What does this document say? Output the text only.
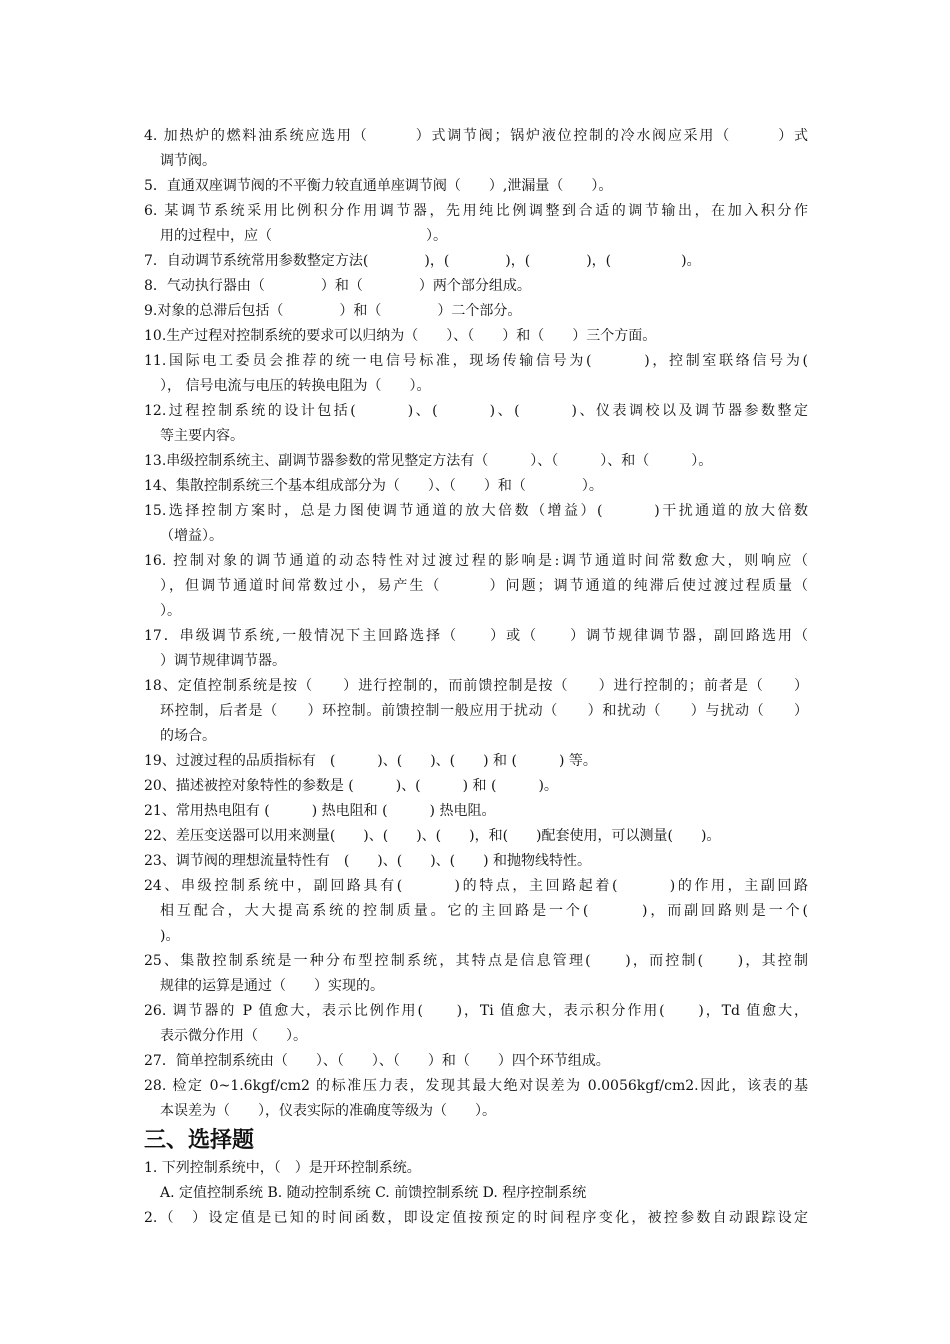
4. 加热炉的燃料油系统应选用（　　　）式调节阀；锅炉液位控制的冷水阀应采用（　　　）式
调节阀。
5．直通双座调节阀的不平衡力较直通单座调节阀（　　）,泄漏量（　　）。
6. 某调节系统采用比例积分作用调节器，先用纯比例调整到合适的调节输出，在加入积分作
用的过程中，应（　　　　　　　　　　　）。
7．自动调节系统常用参数整定方法(　　　　)，(　　　　)，(　　　　)，(　　　　　)。
8．气动执行器由（　　　　）和（　　　　）两个部分组成。
9.对象的总滞后包括（　　　　）和（　　　　）二个部分。
10.生产过程对控制系统的要求可以归纳为（　　）、（　　）和（　　）三个方面。
11.国际电工委员会推荐的统一电信号标准，现场传输信号为(　　　)，控制室联络信号为(
）， 信号电流与电压的转换电阻为（　　）。
12.过程控制系统的设计包括(　　　)、(　　　)、(　　　)、仪表调校以及调节器参数整定
等主要内容。
13.串级控制系统主、副调节器参数的常见整定方法有（　　　）、（　　　）、和（　　　）。
14、集散控制系统三个基本组成部分为（　　）、（　　）和（　　　　）。
15.选择控制方案时，总是力图使调节通道的放大倍数（增益）(　　　)干扰通道的放大倍数
（增益）。
16. 控制对象的调节通道的动态特性对过渡过程的影响是:调节通道时间常数愈大，则响应（
），但调节通道时间常数过小，易产生（　　　）问题；调节通道的纯滞后使过渡过程质量（
）。
17．串级调节系统,一般情况下主回路选择（　　）或（　　）调节规律调节器，副回路选用（
）调节规律调节器。
18、定值控制系统是按（　　）进行控制的，而前馈控制是按（　　）进行控制的；前者是（　　）
环控制，后者是（　　）环控制。前馈控制一般应用于扰动（　　）和扰动（　　）与扰动（　　）
的场合。
19、过渡过程的品质指标有　(　　　)、(　　)、(　　) 和 (　　　) 等。
20、描述被控对象特性的参数是 (　　　)、(　　　) 和 (　　　)。
21、常用热电阻有 (　　　) 热电阻和 (　　　) 热电阻。
22、差压变送器可以用来测量(　　)、(　　)、(　　)，和(　　)配套使用，可以测量(　　)。
23、调节阀的理想流量特性有　(　　)、(　　)、(　　) 和抛物线特性。
24、串级控制系统中，副回路具有(　　　)的特点，主回路起着(　　　)的作用，主副回路
相互配合，大大提高系统的控制质量。它的主回路是一个(　　　)，而副回路则是一个(
)。
25、集散控制系统是一种分布型控制系统，其特点是信息管理(　　)，而控制(　　)，其控制
规律的运算是通过（　　）实现的。
26. 调节器的 P 值愈大，表示比例作用(　　)，Ti 值愈大，表示积分作用(　　)，Td 值愈大，
表示微分作用（　　）。
27．简单控制系统由（　　）、（　　）、（　　）和（　　）四个环节组成。
28. 检定 0~1.6kgf/cm2 的标准压力表，发现其最大绝对误差为 0.0056kgf/cm2.因此，该表的基
本误差为（　　），仪表实际的准确度等级为（　　）。
三、选择题
1. 下列控制系统中，（　）是开环控制系统。
A. 定值控制系统 B. 随动控制系统 C. 前馈控制系统 D. 程序控制系统
2.（　）设定值是已知的时间函数，即设定值按预定的时间程序变化，被控参数自动跟踪设定
